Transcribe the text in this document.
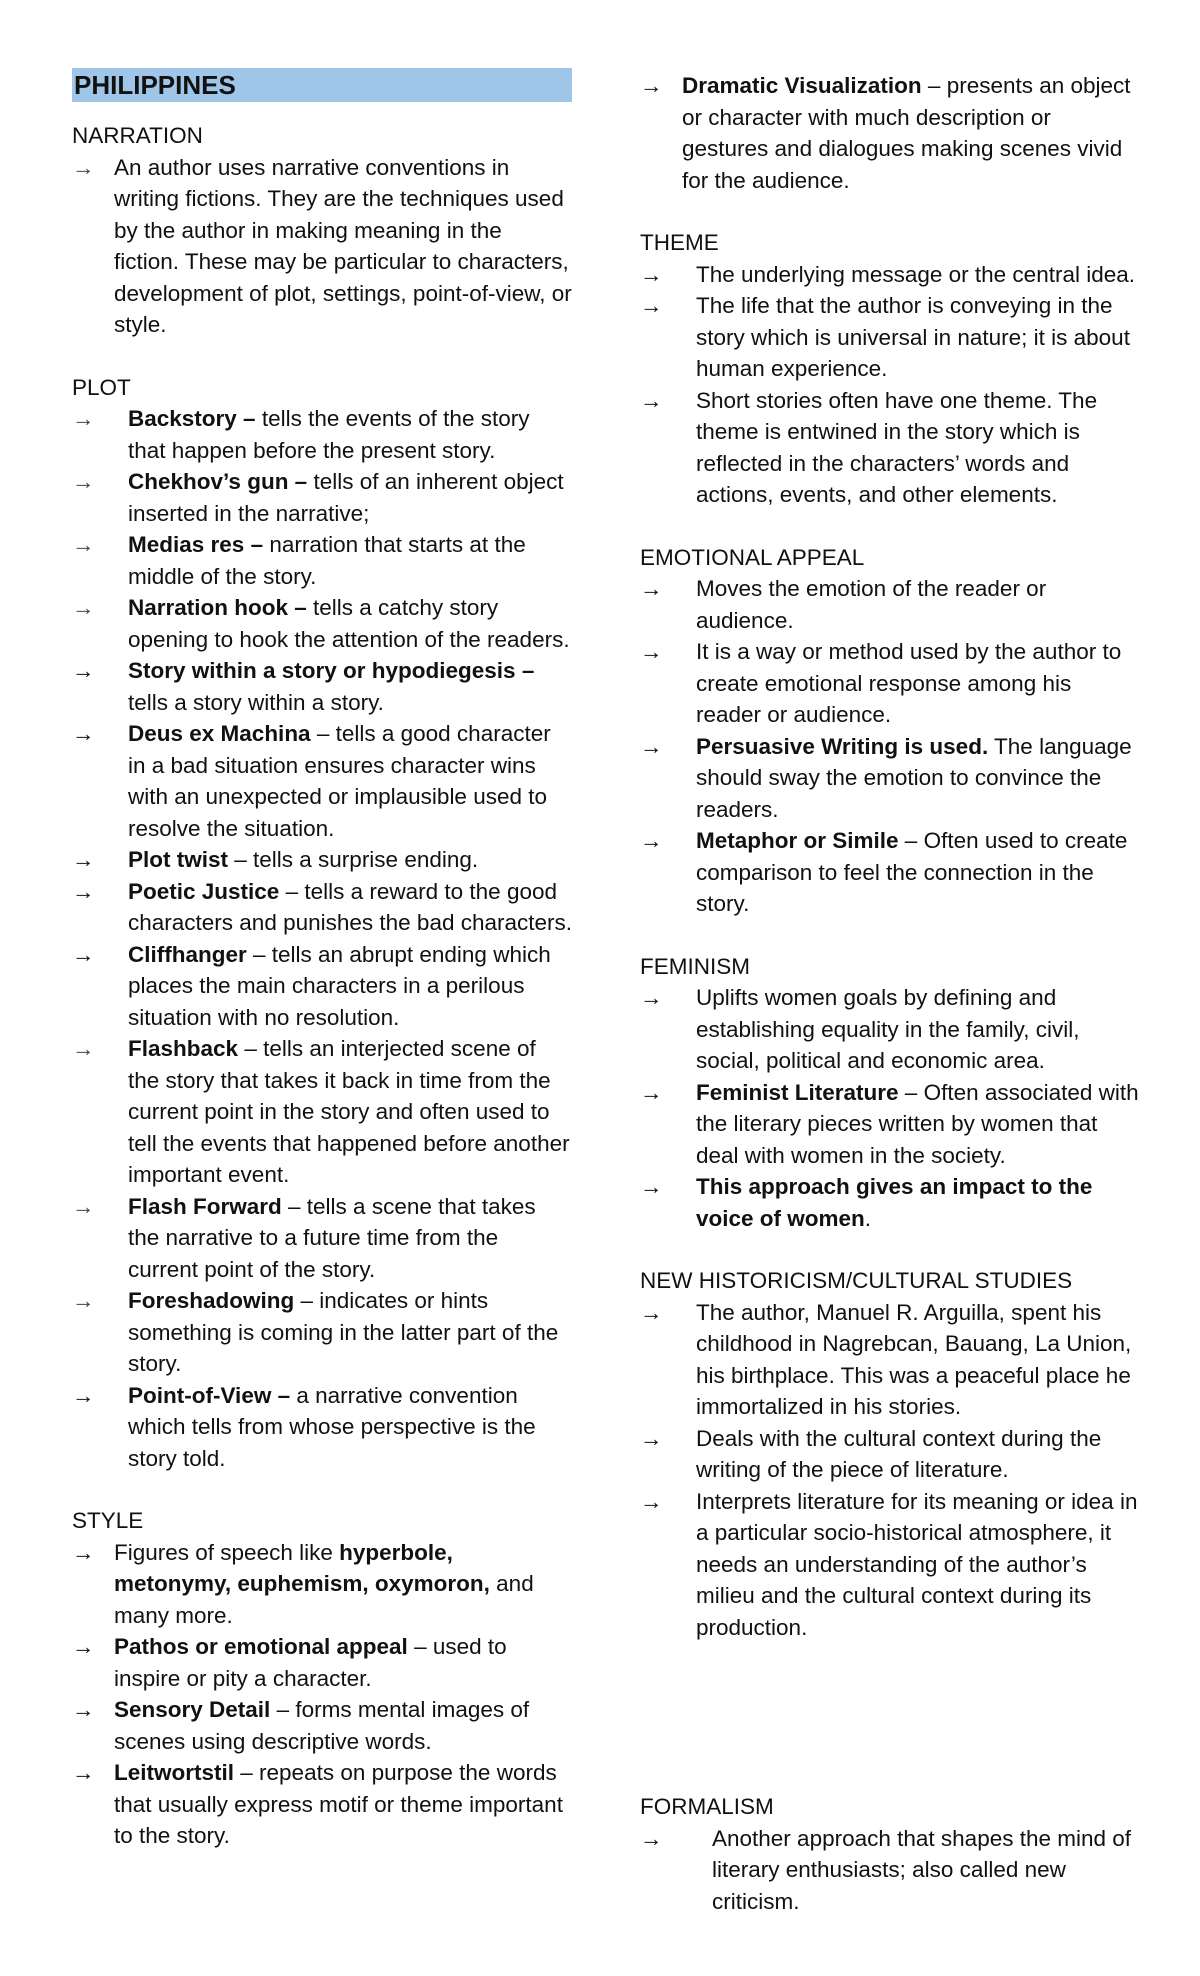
PHILIPPINES
NARRATION
→ An author uses narrative conventions in writing fictions. They are the techniques used by the author in making meaning in the fiction. These may be particular to characters, development of plot, settings, point-of-view, or style.
PLOT
→ Backstory – tells the events of the story that happen before the present story.
→ Chekhov’s gun – tells of an inherent object inserted in the narrative;
→ Medias res – narration that starts at the middle of the story.
→ Narration hook – tells a catchy story opening to hook the attention of the readers.
→ Story within a story or hypodiegesis – tells a story within a story.
→ Deus ex Machina – tells a good character in a bad situation ensures character wins with an unexpected or implausible used to resolve the situation.
→ Plot twist – tells a surprise ending.
→ Poetic Justice – tells a reward to the good characters and punishes the bad characters.
→ Cliffhanger – tells an abrupt ending which places the main characters in a perilous situation with no resolution.
→ Flashback – tells an interjected scene of the story that takes it back in time from the current point in the story and often used to tell the events that happened before another important event.
→ Flash Forward – tells a scene that takes the narrative to a future time from the current point of the story.
→ Foreshadowing – indicates or hints something is coming in the latter part of the story.
→ Point-of-View – a narrative convention which tells from whose perspective is the story told.
STYLE
→ Figures of speech like hyperbole, metonymy, euphemism, oxymoron, and many more.
→ Pathos or emotional appeal – used to inspire or pity a character.
→ Sensory Detail – forms mental images of scenes using descriptive words.
→ Leitwortstil – repeats on purpose the words that usually express motif or theme important to the story.
→ Dramatic Visualization – presents an object or character with much description or gestures and dialogues making scenes vivid for the audience.
THEME
→ The underlying message or the central idea.
→ The life that the author is conveying in the story which is universal in nature; it is about human experience.
→ Short stories often have one theme. The theme is entwined in the story which is reflected in the characters’ words and actions, events, and other elements.
EMOTIONAL APPEAL
→ Moves the emotion of the reader or audience.
→ It is a way or method used by the author to create emotional response among his reader or audience.
→ Persuasive Writing is used. The language should sway the emotion to convince the readers.
→ Metaphor or Simile – Often used to create comparison to feel the connection in the story.
FEMINISM
→ Uplifts women goals by defining and establishing equality in the family, civil, social, political and economic area.
→ Feminist Literature – Often associated with the literary pieces written by women that deal with women in the society.
→ This approach gives an impact to the voice of women.
NEW HISTORICISM/CULTURAL STUDIES
→ The author, Manuel R. Arguilla, spent his childhood in Nagrebcan, Bauang, La Union, his birthplace. This was a peaceful place he immortalized in his stories.
→ Deals with the cultural context during the writing of the piece of literature.
→ Interprets literature for its meaning or idea in a particular socio-historical atmosphere, it needs an understanding of the author’s milieu and the cultural context during its production.
FORMALISM
→ Another approach that shapes the mind of literary enthusiasts; also called new criticism.
